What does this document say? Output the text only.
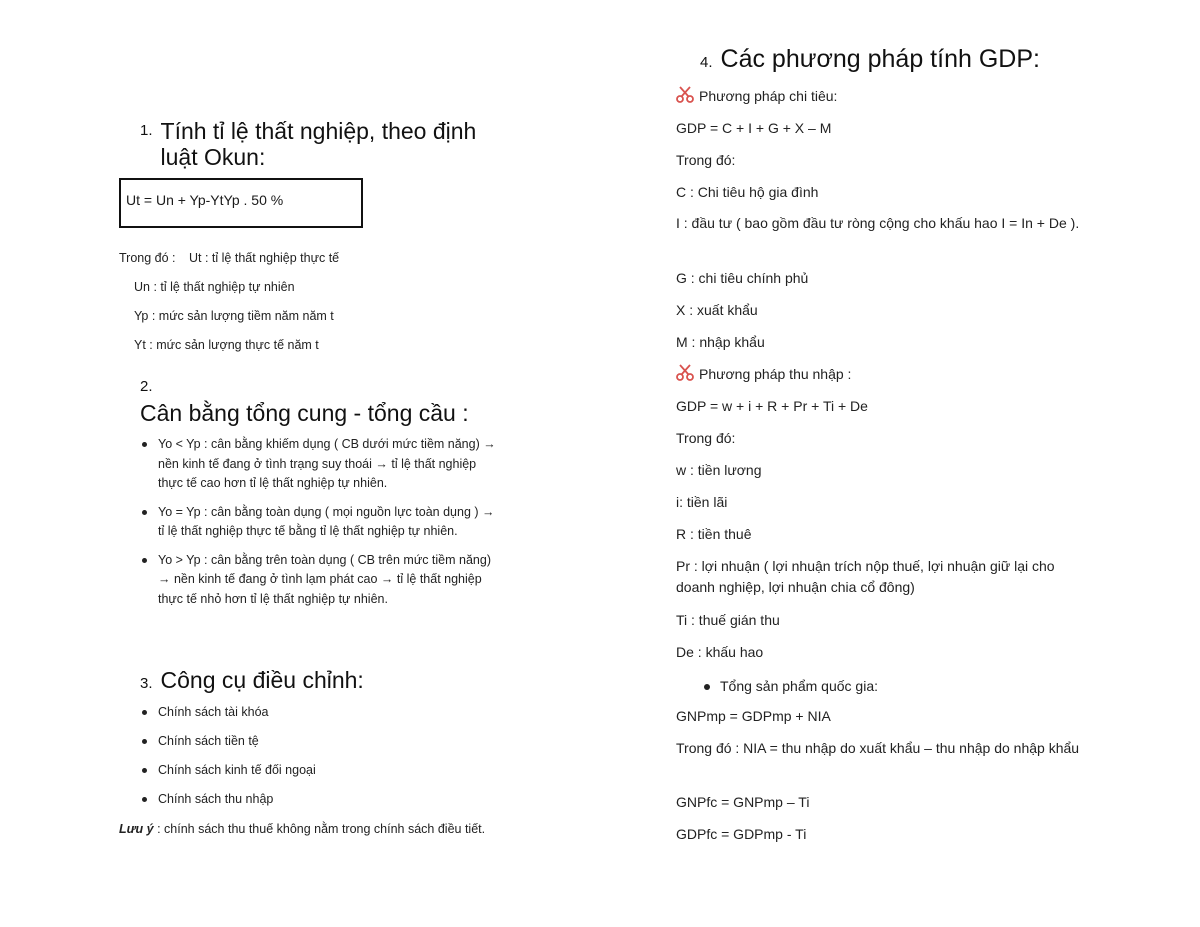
1. Tính tỉ lệ thất nghiệp, theo định luật Okun:
Ut = Un + Yp-YtYp . 50 %
Trong đó : Ut : tỉ lệ thất nghiệp thực tế
Un : tỉ lệ thất nghiệp tự nhiên
Yp : mức sản lượng tiềm năm năm t
Yt : mức sản lượng thực tế năm t
2.Cân bằng tổng cung - tổng cầu :
Yo < Yp : cân bằng khiếm dụng ( CB dưới mức tiềm năng) → nền kinh tế đang ở tình trạng suy thoái → tỉ lệ thất nghiệp thực tế cao hơn tỉ lệ thất nghiệp tự nhiên.
Yo = Yp : cân bằng toàn dụng ( mọi nguồn lực toàn dụng ) → tỉ lệ thất nghiệp thực tế bằng tỉ lệ thất nghiệp tự nhiên.
Yo > Yp : cân bằng trên toàn dụng ( CB trên mức tiềm năng) → nền kinh tế đang ở tình lạm phát cao → tỉ lệ thất nghiệp thực tế nhỏ hơn tỉ lệ thất nghiệp tự nhiên.
3. Công cụ điều chỉnh:
Chính sách tài khóa
Chính sách tiền tệ
Chính sách kinh tế đối ngoại
Chính sách thu nhập
Lưu ý : chính sách thu thuế không nằm trong chính sách điều tiết.
4. Các phương pháp tính GDP:
Phương pháp chi tiêu:
GDP = C + I + G + X – M
Trong đó:
C : Chi tiêu hộ gia đình
I : đầu tư ( bao gồm đầu tư ròng cộng cho khấu hao I = In + De ).
G : chi tiêu chính phủ
X : xuất khẩu
M : nhập khẩu
Phương pháp thu nhập :
GDP = w + i + R + Pr + Ti + De
Trong đó:
w : tiền lương
i: tiền lãi
R : tiền thuê
Pr : lợi nhuận ( lợi nhuận trích nộp thuế, lợi nhuận giữ lại cho doanh nghiệp, lợi nhuận chia cổ đông)
Ti : thuế gián thu
De : khấu hao
Tổng sản phẩm quốc gia:
GNPmp = GDPmp + NIA
Trong đó : NIA = thu nhập do xuất khẩu – thu nhập do nhập khẩu
GNPfc = GNPmp – Ti
GDPfc = GDPmp - Ti
